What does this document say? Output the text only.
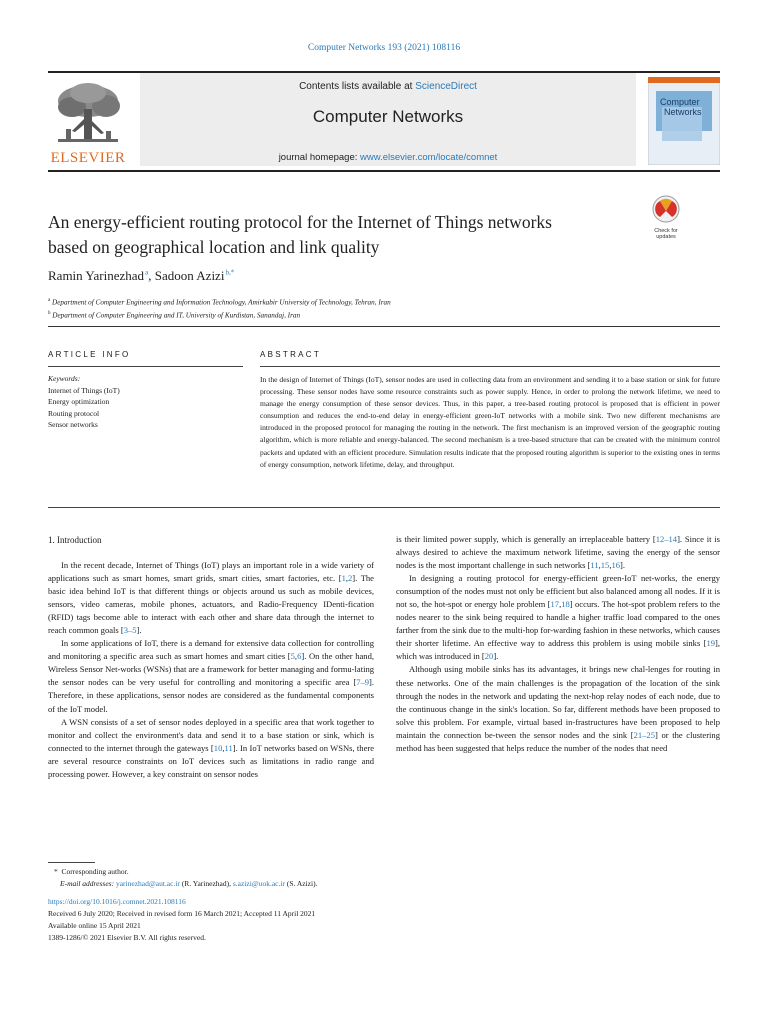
Computer Networks 193 (2021) 108116
ELSEVIER
Contents lists available at ScienceDirect
Computer Networks
journal homepage: www.elsevier.com/locate/comnet
Computer
Networks
An energy-efficient routing protocol for the Internet of Things networks
based on geographical location and link quality
Check for
updates
Ramin Yarinezhad $^a$, Sadoon Azizi $^{b,*}$
$^a$ Department of Computer Engineering and Information Technology, Amirkabir University of Technology, Tehran, Iran
$^b$ Department of Computer Engineering and IT, University of Kurdistan, Sanandaj, Iran
ARTICLE INFO	ABSTRACT
Keywords:
Internet of Things (IoT)
Energy optimization
Routing protocol
Sensor networks
In the design of Internet of Things (IoT), sensor nodes are used in collecting data from an environment and sending it to a base station or sink for future processing. These sensor nodes have some resource constraints such as power supply. Hence, in order to prolong the network lifetime, we need to manage the energy consumption of these sensor devices. Thus, in this paper, a tree-based routing protocol is proposed that is efficient in power consumption and reduces the end-to-end delay in energy-efficient green-IoT networks with a mobile sink. Two new different mechanisms are introduced in the proposed protocol for managing the routing in the network. The first mechanism is an improved version of the geographic routing algorithm, which is more reliable and energy-balanced. The second mechanism is a tree-based structure that can be created with the minimum control packets and updated with an efficient procedure. Simulation results indicate that the proposed routing algorithm is superior to the existing ones in terms of energy consumption, network lifetime, delay, and throughput.
1. Introduction

In the recent decade, Internet of Things (IoT) plays an important role in a wide variety of applications such as smart homes, smart grids, smart cities, smart factories, etc. [1,2]. The basic idea behind IoT is that different things or objects around us such as mobile devices, sensors, video cameras, mobile phones, actuators, and Radio-Frequency IDenti-fication (RFID) tags become able to interact with each other and share data through the internet to reach common goals [3–5].

In some applications of IoT, there is a demand for extensive data collection for controlling and monitoring a specific area such as smart homes and smart cities [5,6]. On the other hand, Wireless Sensor Net-works (WSNs) that are a framework for better managing and formu-lating the sensor nodes can be very useful for controlling and monitoring a specific area [7–9]. Therefore, in these applications, sensor nodes are considered as the fundamental components of the IoT model.

A WSN consists of a set of sensor nodes deployed in a specific area that work together to monitor and collect the environment's data and send it to a base station or sink, which is connected to the internet through the gateways [10,11]. In IoT networks based on WSNs, there are several resource constraints on IoT devices such as limitations in radio range and processing power. However, a key constraint on sensor nodes

is their limited power supply, which is generally an irreplaceable battery [12–14]. Since it is always desired to achieve the maximum network lifetime, saving the energy of the sensor nodes is the most important challenge in such networks [11,15,16].

In designing a routing protocol for energy-efficient green-IoT net-works, the energy consumption of the nodes must not only be efficient but also balanced among all nodes. If it is not so, the hot-spot or energy hole problem [17,18] occurs. The hot-spot problem refers to the nodes nearer to the sink being required to handle a higher traffic load compared to the ones farther from the sink due to the multi-hop for-warding fashion in these networks, which causes their shorter lifetime. An effective way to address this problem is using mobile sinks [19], which was introduced in [20].

Although using mobile sinks has its advantages, it brings new chal-lenges for routing in these networks. One of the main challenges is the propagation of the location of the sink through the nodes in the network and updating the next-hop relay nodes of each node, due to the continuous change in the sink's location. So far, different methods have been proposed to solve this problem. For example, virtual based in-frastructures have been proposed to help maintain the connection be-tween the sensor nodes and the sink [21–25] or the clustering method has been suggested that helps reduce the number of the nodes that need

*  Corresponding author.
E-mail addresses: yarinezhad@aut.ac.ir (R. Yarinezhad), s.azizi@uok.ac.ir (S. Azizi).
https://doi.org/10.1016/j.comnet.2021.108116
Received 6 July 2020; Received in revised form 16 March 2021; Accepted 11 April 2021
Available online 15 April 2021
1389-1286/© 2021 Elsevier B.V. All rights reserved.
